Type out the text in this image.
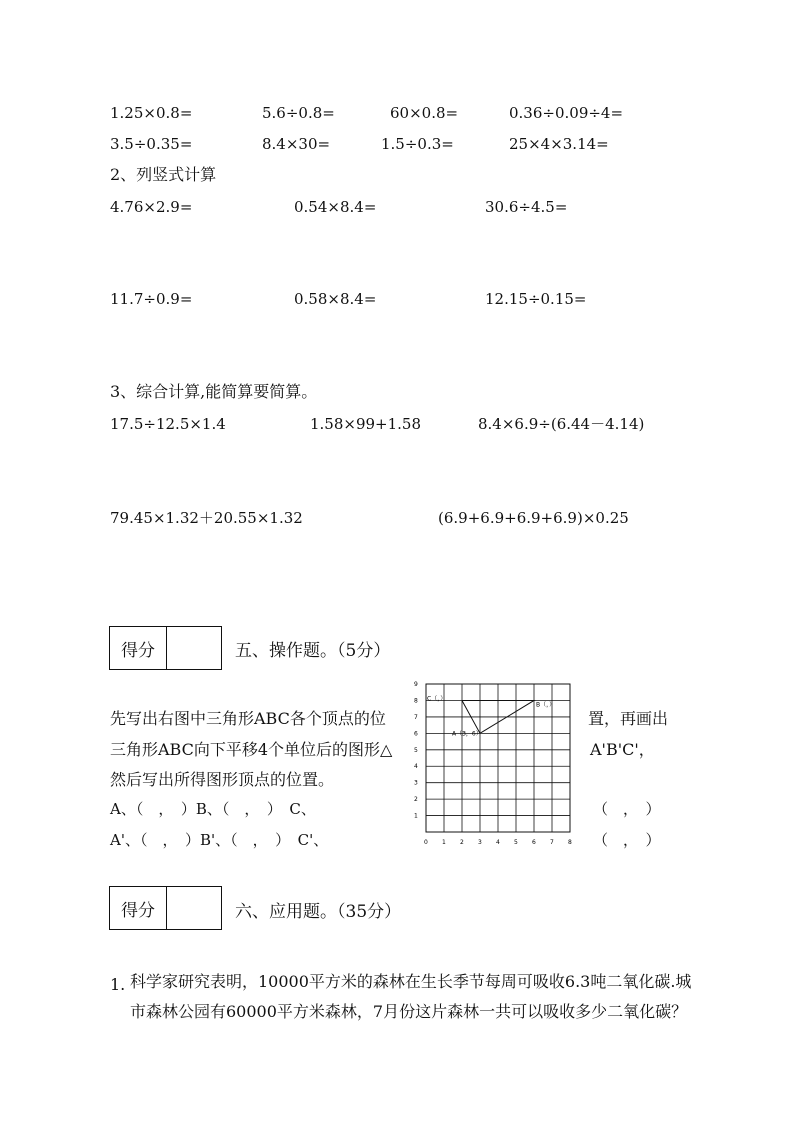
1.25×0.8=	5.6÷0.8=	60×0.8=	0.36÷0.09÷4=
3.5÷0.35=	8.4×30=	1.5÷0.3=	25×4×3.14=
2、列竖式计算
4.76×2.9=	0.54×8.4=	30.6÷4.5=
11.7÷0.9=	0.58×8.4=	12.15÷0.15=
3、综合计算,能简算要简算。
17.5÷12.5×1.4	1.58×99+1.58	8.4×6.9÷(6.44－4.14)
79.45×1.32＋20.55×1.32	(6.9+6.9+6.9+6.9)×0.25
得分	五、操作题。（5分）
先写出右图中三角形ABC各个顶点的位	置，再画出
三角形ABC向下平移4个单位后的图形△	A'B'C'，
然后写出所得图形顶点的位置。
A、（　，　）B、（　，　）　C、	（　，　）
A'、（　，　）B'、（　，　）　C'、	（　，　）
0 1 2 3 4 5 6 7 8
1
2
3
4
5
6
7
8
9
A（3，6）
B（，）
C（，）
得分	六、应用题。（35分）
1. 科学家研究表明，10000平方米的森林在生长季节每周可吸收6.3吨二氧化碳.城
市森林公园有60000平方米森林，7月份这片森林一共可以吸收多少二氧化碳？
